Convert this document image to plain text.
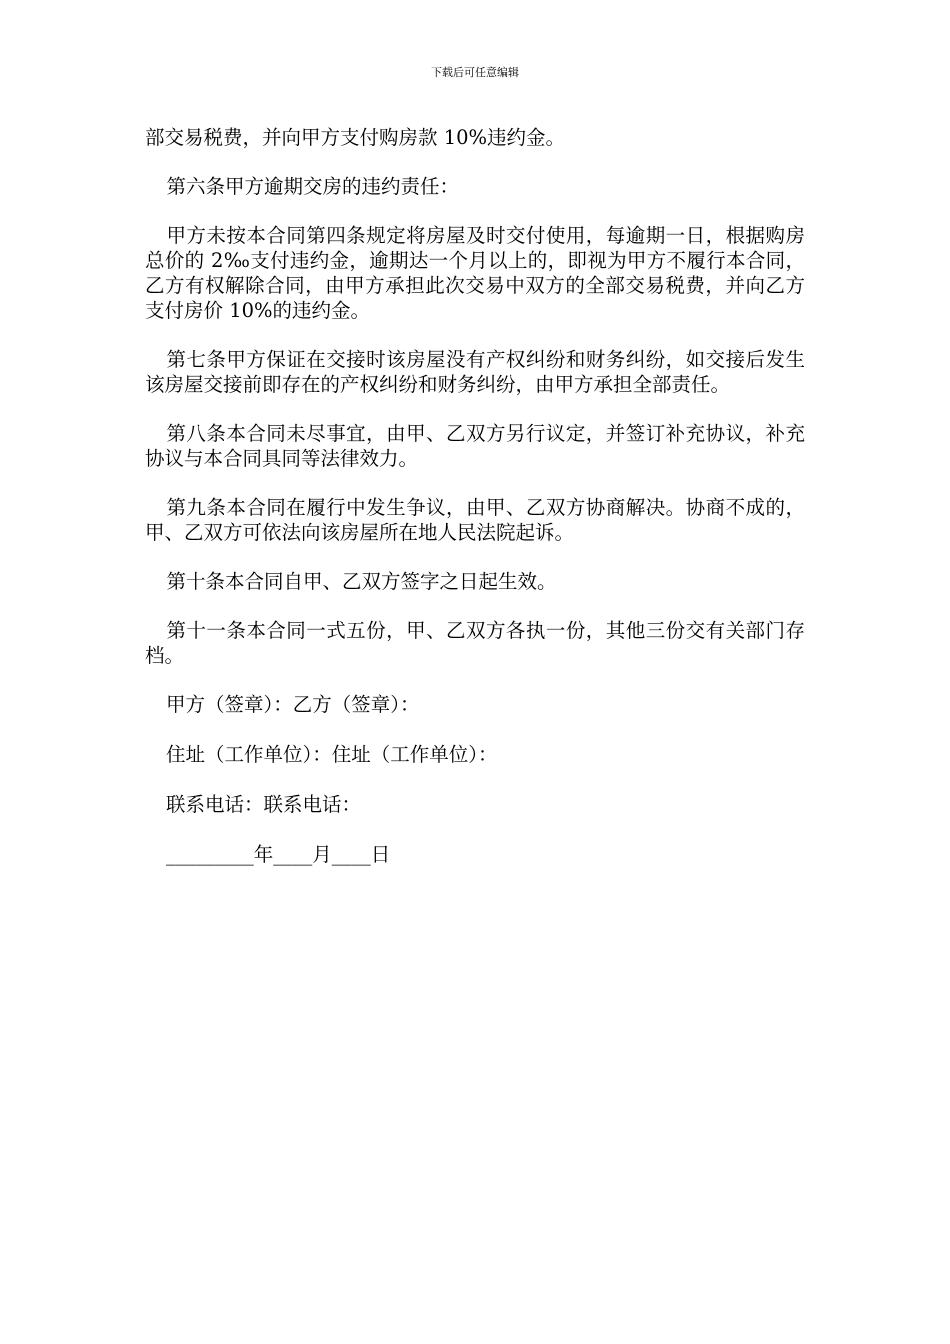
下载后可任意编辑

部交易税费，并向甲方支付购房款 10%违约金。

第六条甲方逾期交房的违约责任：

甲方未按本合同第四条规定将房屋及时交付使用，每逾期一日，根据购房总价的 2‰支付违约金，逾期达一个月以上的，即视为甲方不履行本合同，乙方有权解除合同，由甲方承担此次交易中双方的全部交易税费，并向乙方支付房价 10%的违约金。

第七条甲方保证在交接时该房屋没有产权纠纷和财务纠纷，如交接后发生该房屋交接前即存在的产权纠纷和财务纠纷，由甲方承担全部责任。

第八条本合同未尽事宜，由甲、乙双方另行议定，并签订补充协议，补充协议与本合同具同等法律效力。

第九条本合同在履行中发生争议，由甲、乙双方协商解决。协商不成的，甲、乙双方可依法向该房屋所在地人民法院起诉。

第十条本合同自甲、乙双方签字之日起生效。

第十一条本合同一式五份，甲、乙双方各执一份，其他三份交有关部门存档。

甲方（签章）：乙方（签章）：
住址（工作单位）：住址（工作单位）：
联系电话：联系电话：
_________年____月____日
